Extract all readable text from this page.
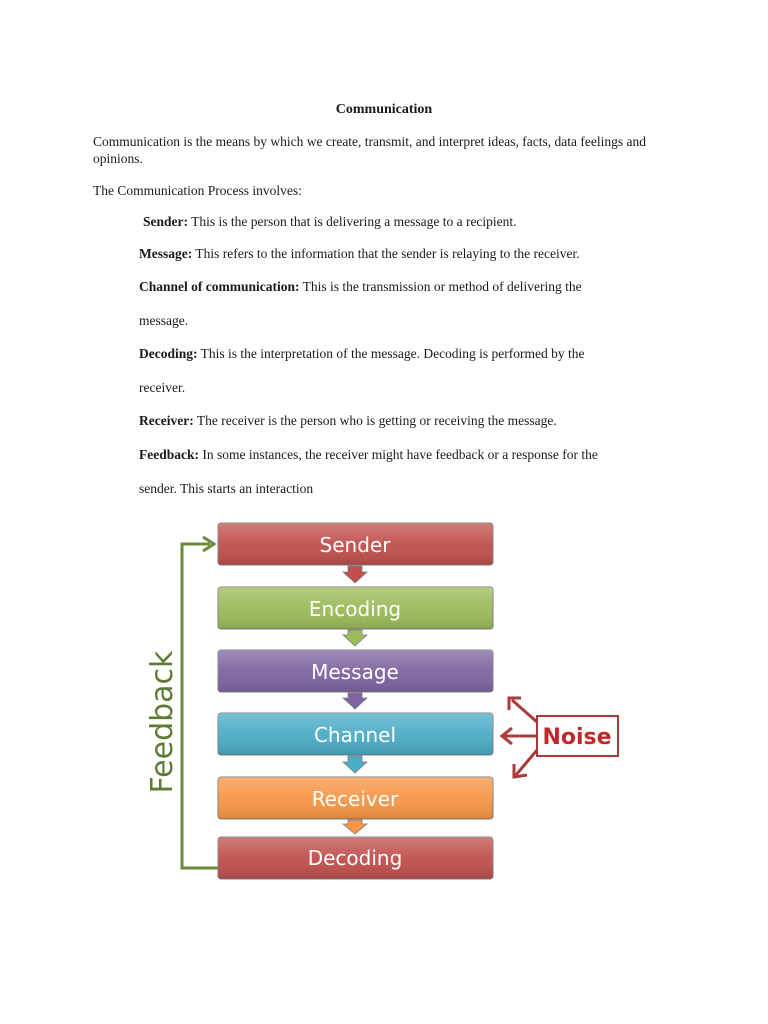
Communication
Communication is the means by which we create, transmit, and interpret ideas, facts, data feelings and opinions.
The Communication Process involves:
Sender: This is the person that is delivering a message to a recipient.
Message: This refers to the information that the sender is relaying to the receiver.
Channel of communication: This is the transmission or method of delivering the
message.
Decoding: This is the interpretation of the message. Decoding is performed by the
receiver.
Receiver: The receiver is the person who is getting or receiving the message.
Feedback: In some instances, the receiver might have feedback or a response for the
sender. This starts an interaction
Feedback
Sender
Encoding
Message
Channel
Receiver
Decoding
Noise
